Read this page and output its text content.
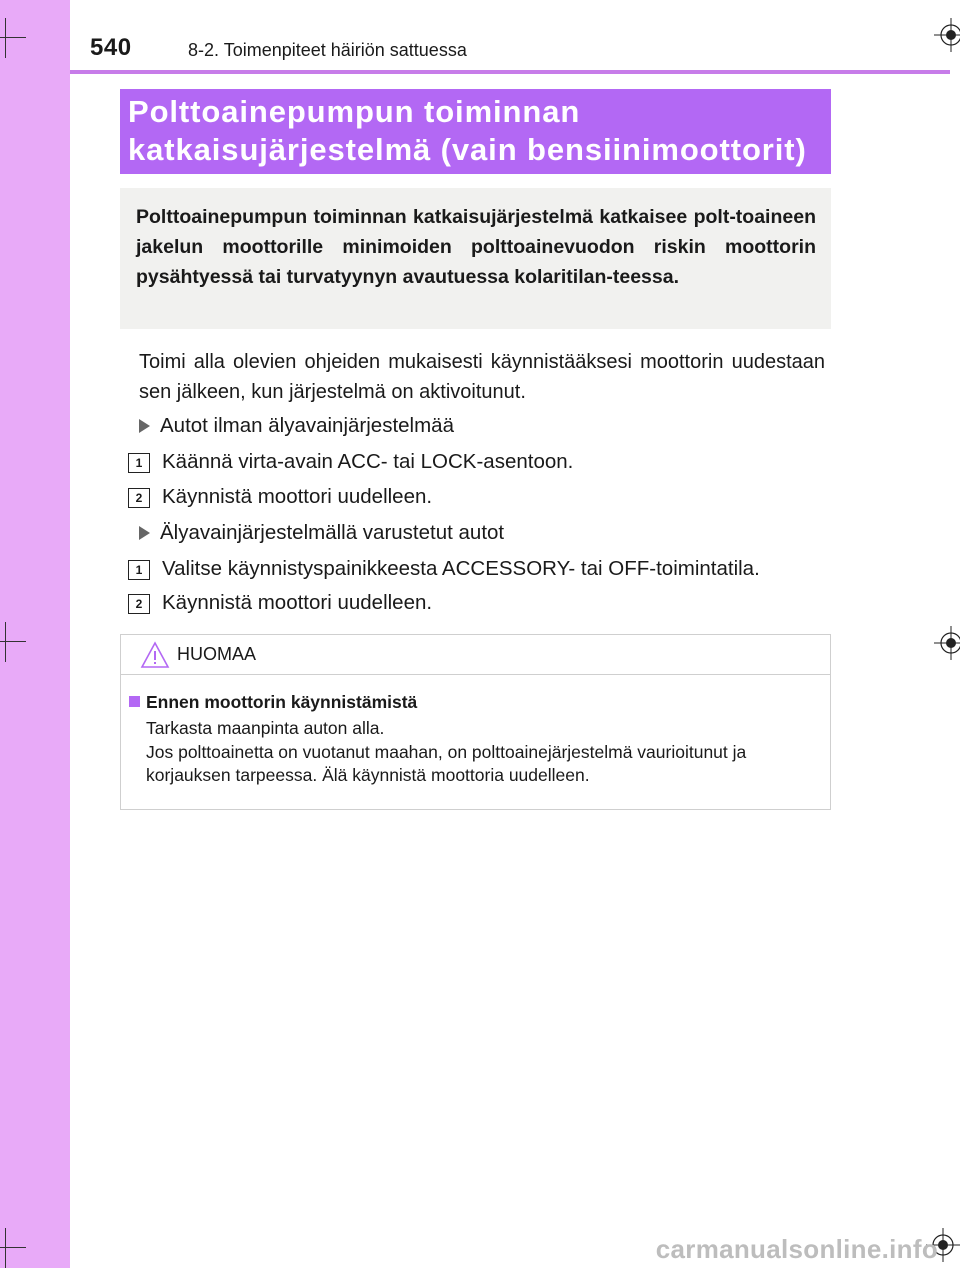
540	8-2. Toimenpiteet häiriön sattuessa
Polttoainepumpun toiminnan
katkaisujärjestelmä (vain bensiinimoottorit)

Polttoainepumpun toiminnan katkaisujärjestelmä katkaisee polt-toaineen jakelun moottorille minimoiden polttoainevuodon riskin moottorin pysähtyessä tai turvatyynyn avautuessa kolaritilan-teessa.

Toimi alla olevien ohjeiden mukaisesti käynnistääksesi moottorin uudestaan sen jälkeen, kun järjestelmä on aktivoitunut.

Autot ilman älyavainjärjestelmää
1 Käännä virta-avain ACC- tai LOCK-asentoon.
2 Käynnistä moottori uudelleen.
Älyavainjärjestelmällä varustetut autot
1 Valitse käynnistyspainikkeesta ACCESSORY- tai OFF-toimintatila.
2 Käynnistä moottori uudelleen.
HUOMAA
Ennen moottorin käynnistämistä
Tarkasta maanpinta auton alla.
Jos polttoainetta on vuotanut maahan, on polttoainejärjestelmä vaurioitunut ja korjauksen tarpeessa. Älä käynnistä moottoria uudelleen.
carmanualsonline.info
